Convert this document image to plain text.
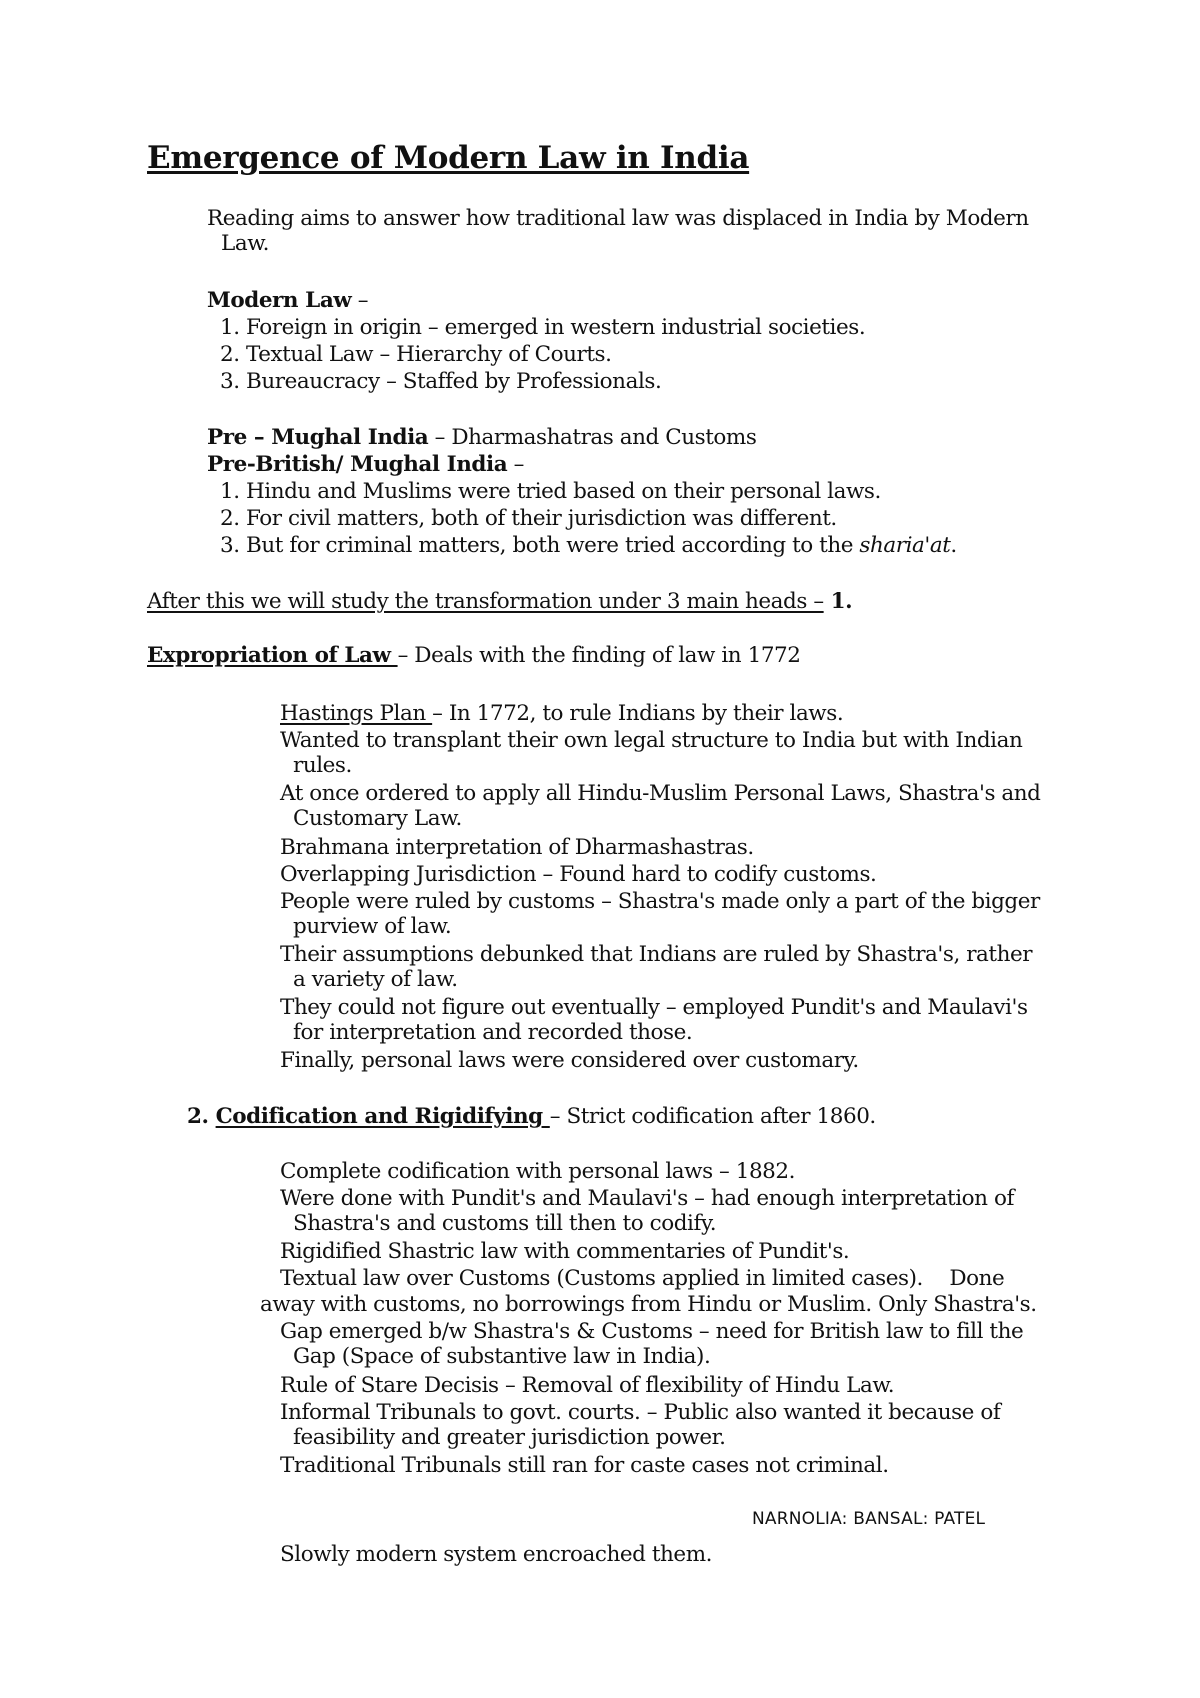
Emergence of Modern Law in India
Reading aims to answer how traditional law was displaced in India by Modern
Law.
Modern Law –
1. Foreign in origin – emerged in western industrial societies.
2. Textual Law – Hierarchy of Courts.
3. Bureaucracy – Staffed by Professionals.
Pre – Mughal India – Dharmashatras and Customs
Pre-British/ Mughal India –
1. Hindu and Muslims were tried based on their personal laws.
2. For civil matters, both of their jurisdiction was different.
3. But for criminal matters, both were tried according to the sharia'at.
After this we will study the transformation under 3 main heads – 1.
Expropriation of Law – Deals with the finding of law in 1772
Hastings Plan – In 1772, to rule Indians by their laws.
Wanted to transplant their own legal structure to India but with Indian
rules.
At once ordered to apply all Hindu-Muslim Personal Laws, Shastra's and
Customary Law.
Brahmana interpretation of Dharmashastras.
Overlapping Jurisdiction – Found hard to codify customs.
People were ruled by customs – Shastra's made only a part of the bigger
purview of law.
Their assumptions debunked that Indians are ruled by Shastra's, rather
a variety of law.
They could not figure out eventually – employed Pundit's and Maulavi's
for interpretation and recorded those.
Finally, personal laws were considered over customary.
2. Codification and Rigidifying – Strict codification after 1860.
Complete codification with personal laws – 1882.
Were done with Pundit's and Maulavi's – had enough interpretation of
Shastra's and customs till then to codify.
Rigidified Shastric law with commentaries of Pundit's.
Textual law over Customs (Customs applied in limited cases). Done
away with customs, no borrowings from Hindu or Muslim. Only Shastra's.
Gap emerged b/w Shastra's & Customs – need for British law to fill the
Gap (Space of substantive law in India).
Rule of Stare Decisis – Removal of flexibility of Hindu Law.
Informal Tribunals to govt. courts. – Public also wanted it because of
feasibility and greater jurisdiction power.
Traditional Tribunals still ran for caste cases not criminal.
NARNOLIA: BANSAL: PATEL
Slowly modern system encroached them.
